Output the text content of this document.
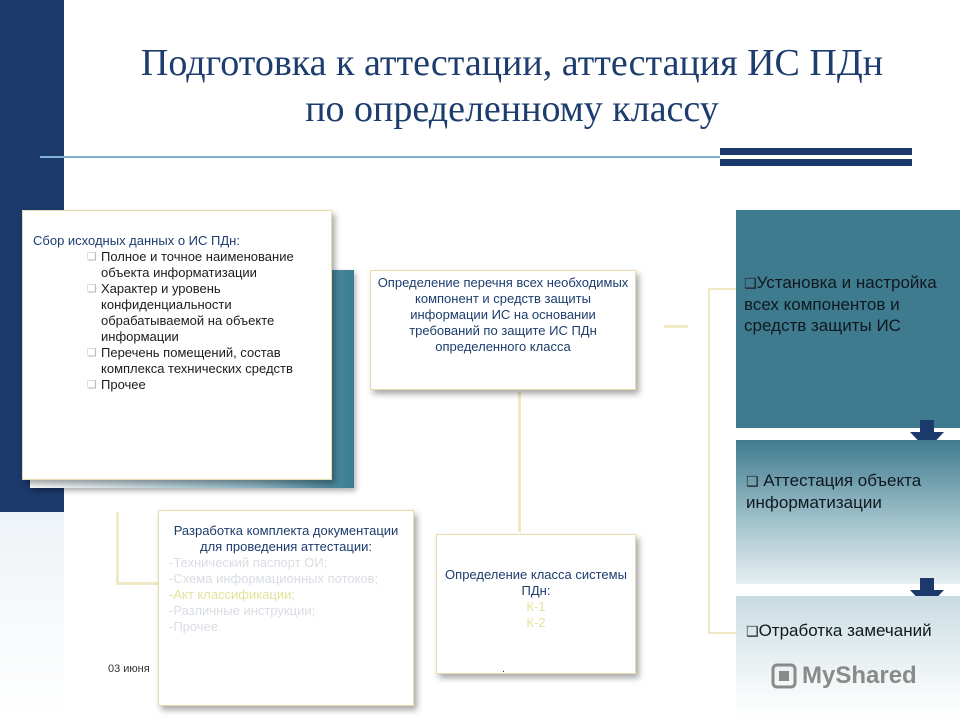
Подготовка к аттестации, аттестация ИС ПДн
по определенному классу
Сбор исходных данных о ИС ПДн:
❑ Полное и точное наименование объекта информатизации
❑ Характер и уровень конфиденциальности обрабатываемой на объекте информации
❑ Перечень помещений, состав комплекса технических средств
❑ Прочее
Определение перечня всех необходимых компонент и средств защиты информации ИС на основании требований по защите ИС ПДн определенного класса
Разработка комплекта документации для проведения аттестации:
-Технический паспорт ОИ;
-Схема информационных потоков;
-Акт классификации;
-Различные инструкции;
-Прочее.
Определение класса системы ПДн:
К-1
К-2
❑Установка и настройка всех компонентов и средств защиты ИС
❑ Аттестация объекта информатизации
❑Отработка замечаний
03 июня	.	MyShared
